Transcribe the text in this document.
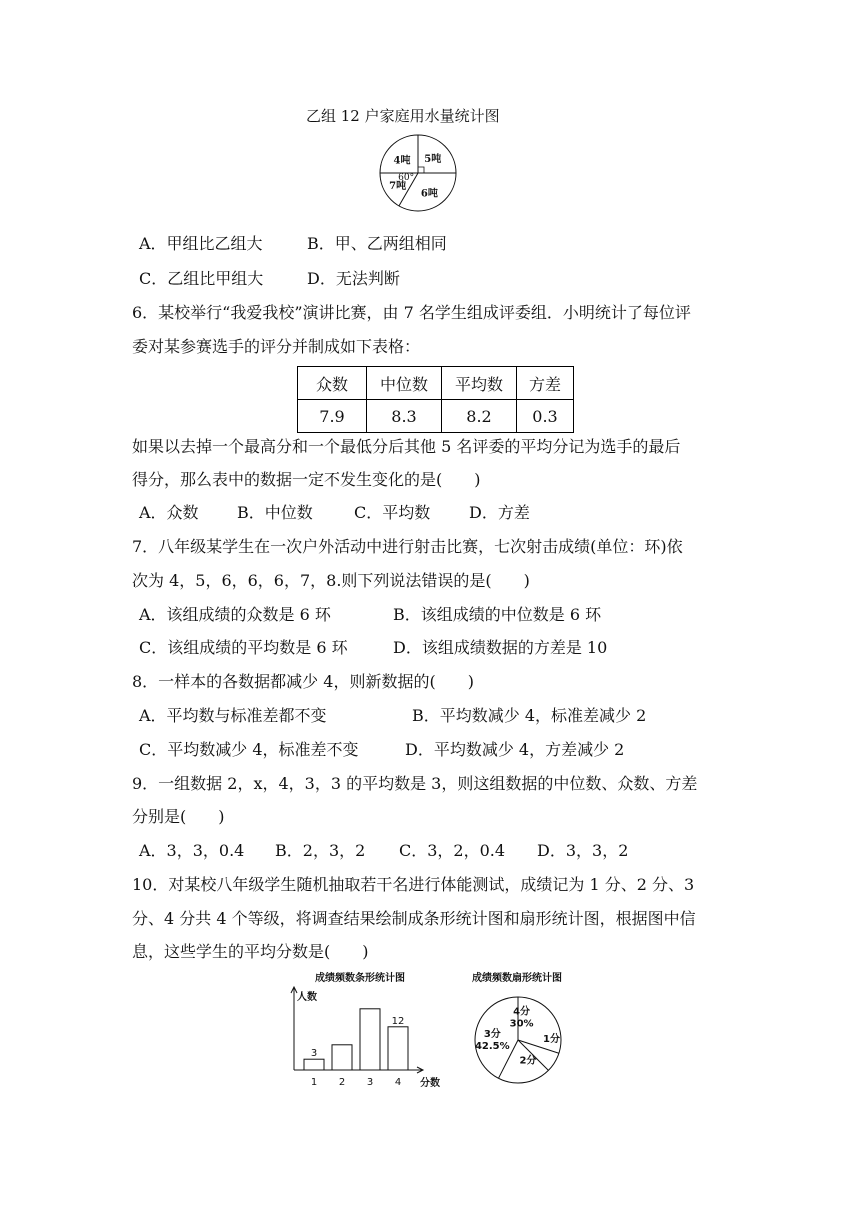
乙组 12 户家庭用水量统计图
4吨 5吨
6吨
7吨
60°
A．甲组比乙组大	B．甲、乙两组相同
C．乙组比甲组大	D．无法判断
6．某校举行“我爱我校”演讲比赛，由 7 名学生组成评委组．小明统计了每位评
委对某参赛选手的评分并制成如下表格：
众数	中位数	平均数	方差
7.9	8.3	8.2	0.3
如果以去掉一个最高分和一个最低分后其他 5 名评委的平均分记为选手的最后
得分，那么表中的数据一定不发生变化的是(　　)
A．众数 B．中位数	C．平均数 D．方差
7．八年级某学生在一次户外活动中进行射击比赛，七次射击成绩(单位：环)依
次为 4，5，6，6，6，7，8.则下列说法错误的是(　　)
A．该组成绩的众数是 6 环	B．该组成绩的中位数是 6 环
C．该组成绩的平均数是 6 环	D．该组成绩数据的方差是 10
8．一样本的各数据都减少 4，则新数据的(　　)
A．平均数与标准差都不变	B．平均数减少 4，标准差减少 2
C．平均数减少 4，标准差不变	D．平均数减少 4，方差减少 2
9．一组数据 2，x，4，3，3 的平均数是 3，则这组数据的中位数、众数、方差
分别是(　　)
A．3，3，0.4 B．2，3，2 C．3，2，0.4 D．3，3，2
10．对某校八年级学生随机抽取若干名进行体能测试，成绩记为 1 分、2 分、3
分、4 分共 4 个等级，将调查结果绘制成条形统计图和扇形统计图，根据图中信
息，这些学生的平均分数是(　　)
成绩频数条形统计图
人数
分数
1 2 3 4
3
12
成绩频数扇形统计图
4分
30%
1分
2分
3分
42.5%
